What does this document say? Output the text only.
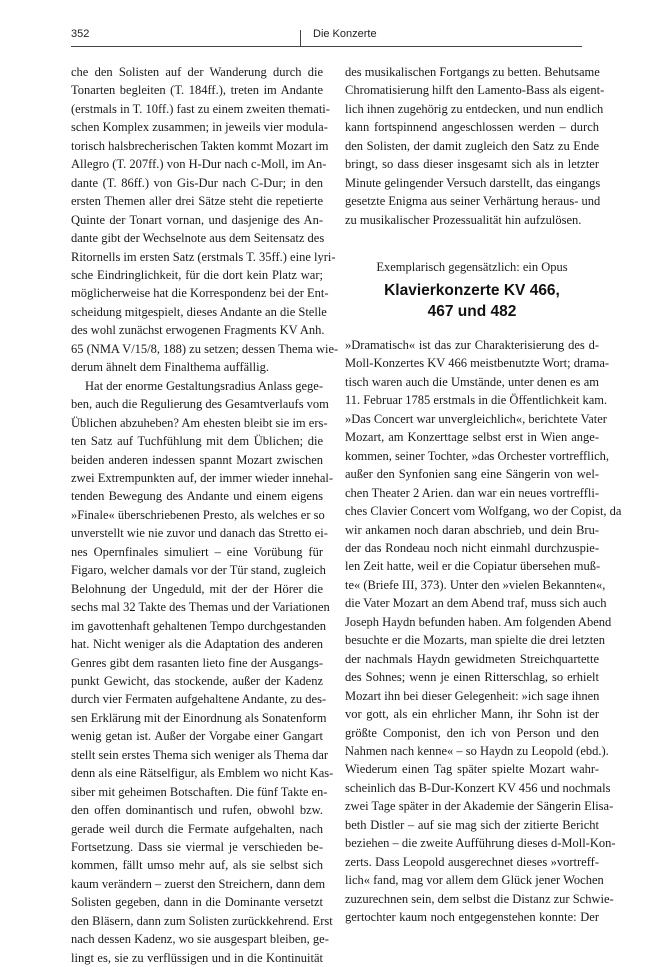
352	Die Konzerte
che den Solisten auf der Wanderung durch die
Tonarten begleiten (T. 184ff.), treten im Andante
(erstmals in T. 10ff.) fast zu einem zweiten themati-
schen Komplex zusammen; in jeweils vier modula-
torisch halsbrecherischen Takten kommt Mozart im
Allegro (T. 207ff.) von H-Dur nach c-Moll, im An-
dante (T. 86ff.) von Gis-Dur nach C-Dur; in den
ersten Themen aller drei Sätze steht die repetierte
Quinte der Tonart vornan, und dasjenige des An-
dante gibt der Wechselnote aus dem Seitensatz des
Ritornells im ersten Satz (erstmals T. 35ff.) eine lyri-
sche Eindringlichkeit, für die dort kein Platz war;
möglicherweise hat die Korrespondenz bei der Ent-
scheidung mitgespielt, dieses Andante an die Stelle
des wohl zunächst erwogenen Fragments KV Anh.
65 (NMA V/15/8, 188) zu setzen; dessen Thema wie-
derum ähnelt dem Finalthema auffällig.
Hat der enorme Gestaltungsradius Anlass gege-
ben, auch die Regulierung des Gesamtverlaufs vom
Üblichen abzuheben? Am ehesten bleibt sie im ers-
ten Satz auf Tuchfühlung mit dem Üblichen; die
beiden anderen indessen spannt Mozart zwischen
zwei Extrempunkten auf, der immer wieder innehal-
tenden Bewegung des Andante und einem eigens
»Finale« überschriebenen Presto, als welches er so
unverstellt wie nie zuvor und danach das Stretto ei-
nes Opernfinales simuliert – eine Vorübung für
Figaro, welcher damals vor der Tür stand, zugleich
Belohnung der Ungeduld, mit der der Hörer die
sechs mal 32 Takte des Themas und der Variationen
im gavottenhaft gehaltenen Tempo durchgestanden
hat. Nicht weniger als die Adaptation des anderen
Genres gibt dem rasanten lieto fine der Ausgangs-
punkt Gewicht, das stockende, außer der Kadenz
durch vier Fermaten aufgehaltene Andante, zu des-
sen Erklärung mit der Einordnung als Sonatenform
wenig getan ist. Außer der Vorgabe einer Gangart
stellt sein erstes Thema sich weniger als Thema dar
denn als eine Rätselfigur, als Emblem wo nicht Kas-
siber mit geheimen Botschaften. Die fünf Takte en-
den offen dominantisch und rufen, obwohl bzw.
gerade weil durch die Fermate aufgehalten, nach
Fortsetzung. Dass sie viermal je verschieden be-
kommen, fällt umso mehr auf, als sie selbst sich
kaum verändern – zuerst den Streichern, dann dem
Solisten gegeben, dann in die Dominante versetzt
den Bläsern, dann zum Solisten zurückkehrend. Erst
nach dessen Kadenz, wo sie ausgespart bleiben, ge-
lingt es, sie zu verflüssigen und in die Kontinuität
des musikalischen Fortgangs zu betten. Behutsame
Chromatisierung hilft den Lamento-Bass als eigent-
lich ihnen zugehörig zu entdecken, und nun endlich
kann fortspinnend angeschlossen werden – durch
den Solisten, der damit zugleich den Satz zu Ende
bringt, so dass dieser insgesamt sich als in letzter
Minute gelingender Versuch darstellt, das eingangs
gesetzte Enigma aus seiner Verhärtung heraus- und
zu musikalischer Prozessualität hin aufzulösen.
Exemplarisch gegensätzlich: ein Opus
Klavierkonzerte KV 466,
467 und 482
»Dramatisch« ist das zur Charakterisierung des d-
Moll-Konzertes KV 466 meistbenutzte Wort; drama-
tisch waren auch die Umstände, unter denen es am
11. Februar 1785 erstmals in die Öffentlichkeit kam.
»Das Concert war unvergleichlich«, berichtete Vater
Mozart, am Konzerttage selbst erst in Wien ange-
kommen, seiner Tochter, »das Orchester vortrefflich,
außer den Synfonien sang eine Sängerin von wel-
chen Theater 2 Arien. dan war ein neues vortreffli-
ches Clavier Concert vom Wolfgang, wo der Copist, da
wir ankamen noch daran abschrieb, und dein Bru-
der das Rondeau noch nicht einmahl durchzuspie-
len Zeit hatte, weil er die Copiatur übersehen muß-
te« (Briefe III, 373). Unter den »vielen Bekannten«,
die Vater Mozart an dem Abend traf, muss sich auch
Joseph Haydn befunden haben. Am folgenden Abend
besuchte er die Mozarts, man spielte die drei letzten
der nachmals Haydn gewidmeten Streichquartette
des Sohnes; wenn je einen Ritterschlag, so erhielt
Mozart ihn bei dieser Gelegenheit: »ich sage ihnen
vor gott, als ein ehrlicher Mann, ihr Sohn ist der
größte Componist, den ich von Person und den
Nahmen nach kenne« – so Haydn zu Leopold (ebd.).
Wiederum einen Tag später spielte Mozart wahr-
scheinlich das B-Dur-Konzert KV 456 und nochmals
zwei Tage später in der Akademie der Sängerin Elisa-
beth Distler – auf sie mag sich der zitierte Bericht
beziehen – die zweite Aufführung dieses d-Moll-Kon-
zerts. Dass Leopold ausgerechnet dieses »vortreff-
lich« fand, mag vor allem dem Glück jener Wochen
zuzurechnen sein, dem selbst die Distanz zur Schwie-
gertochter kaum noch entgegenstehen konnte: Der
